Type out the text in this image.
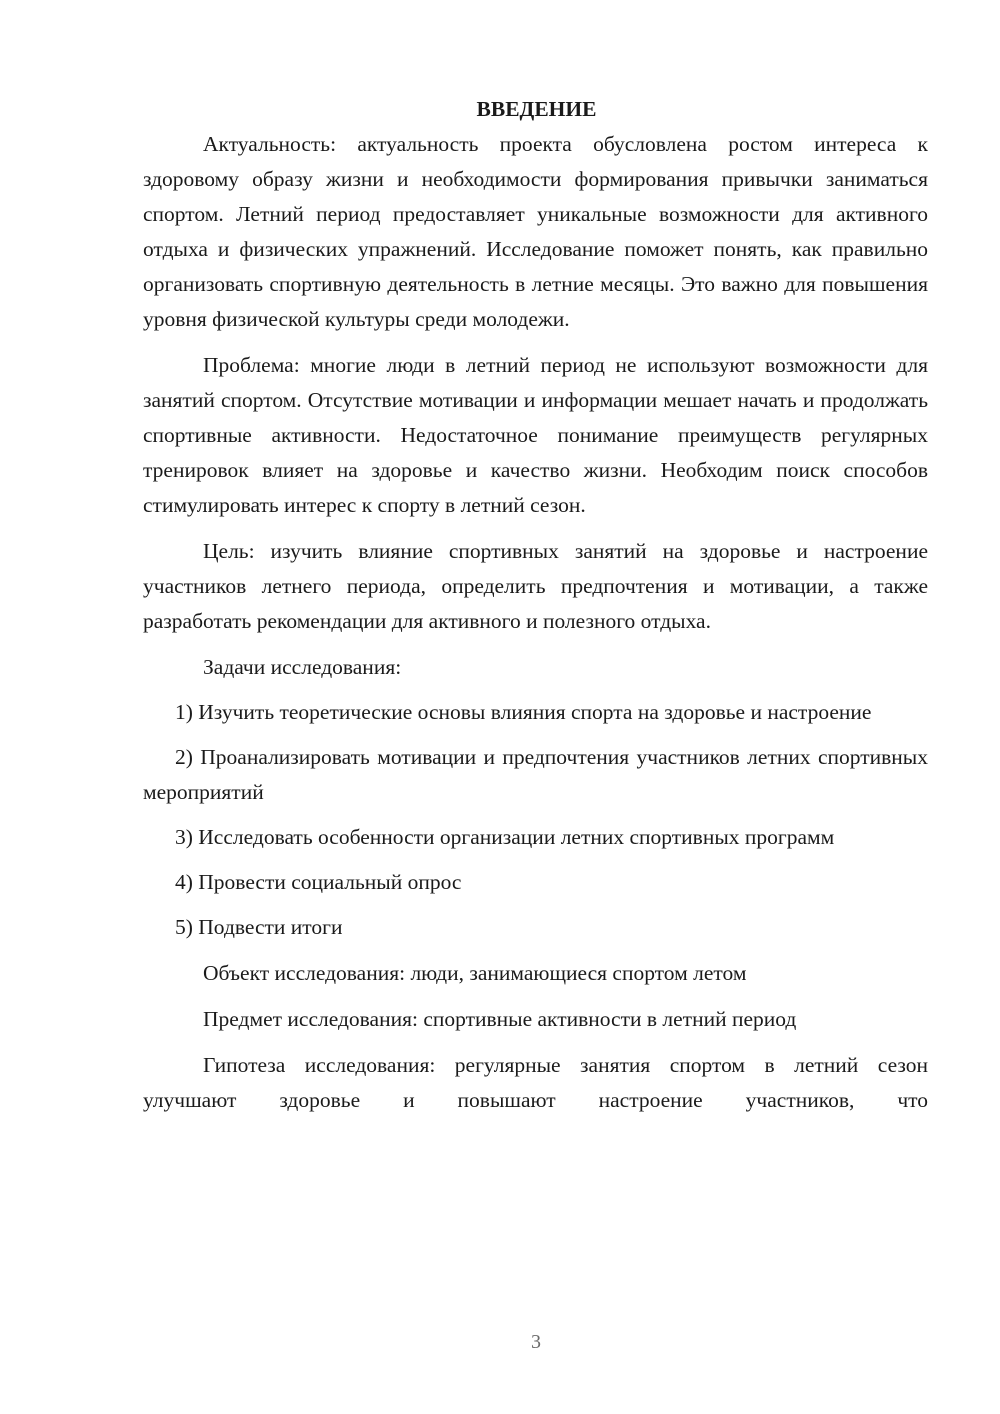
ВВЕДЕНИЕ

Актуальность: актуальность проекта обусловлена ростом интереса к здоровому образу жизни и необходимости формирования привычки заниматься спортом. Летний период предоставляет уникальные возможности для активного отдыха и физических упражнений. Исследование поможет понять, как правильно организовать спортивную деятельность в летние месяцы. Это важно для повышения уровня физической культуры среди молодежи.

Проблема: многие люди в летний период не используют возможности для занятий спортом. Отсутствие мотивации и информации мешает начать и продолжать спортивные активности. Недостаточное понимание преимуществ регулярных тренировок влияет на здоровье и качество жизни. Необходим поиск способов стимулировать интерес к спорту в летний сезон.

Цель: изучить влияние спортивных занятий на здоровье и настроение участников летнего периода, определить предпочтения и мотивации, а также разработать рекомендации для активного и полезного отдыха.

Задачи исследования:

1) Изучить теоретические основы влияния спорта на здоровье и настроение

2) Проанализировать мотивации и предпочтения участников летних спортивных мероприятий

3) Исследовать особенности организации летних спортивных программ

4) Провести социальный опрос

5) Подвести итоги

Объект исследования: люди, занимающиеся спортом летом

Предмет исследования: спортивные активности в летний период

Гипотеза исследования: регулярные занятия спортом в летний сезон улучшают здоровье и повышают настроение участников, что

3
